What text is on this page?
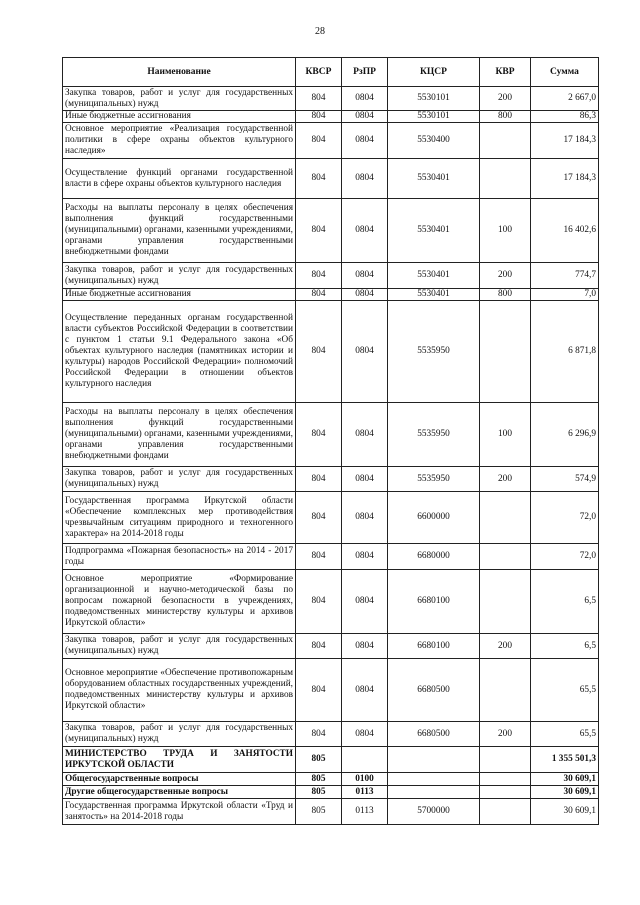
28
Наименование	КВСР	РзПР	КЦСР	КВР	Сумма
Закупка товаров, работ и услуг для государственных (муниципальных) нужд	804	0804	5530101	200	2 667,0
Иные бюджетные ассигнования	804	0804	5530101	800	86,3
Основное мероприятие «Реализация государственной политики в сфере охраны объектов культурного наследия»	804	0804	5530400		17 184,3
Осуществление функций органами государственной власти в сфере охраны объектов культурного наследия	804	0804	5530401		17 184,3
Расходы на выплаты персоналу в целях обеспечения выполнения функций государственными (муниципальными) органами, казенными учреждениями, органами управления государственными внебюджетными фондами	804	0804	5530401	100	16 402,6
Закупка товаров, работ и услуг для государственных (муниципальных) нужд	804	0804	5530401	200	774,7
Иные бюджетные ассигнования	804	0804	5530401	800	7,0
Осуществление переданных органам государственной власти субъектов Российской Федерации в соответствии с пунктом 1 статьи 9.1 Федерального закона «Об объектах культурного наследия (памятниках истории и культуры) народов Российской Федерации» полномочий Российской Федерации в отношении объектов культурного наследия	804	0804	5535950		6 871,8
Расходы на выплаты персоналу в целях обеспечения выполнения функций государственными (муниципальными) органами, казенными учреждениями, органами управления государственными внебюджетными фондами	804	0804	5535950	100	6 296,9
Закупка товаров, работ и услуг для государственных (муниципальных) нужд	804	0804	5535950	200	574,9
Государственная программа Иркутской области «Обеспечение комплексных мер противодействия чрезвычайным ситуациям природного и техногенного характера» на 2014-2018 годы	804	0804	6600000		72,0
Подпрограмма «Пожарная безопасность» на 2014 - 2017 годы	804	0804	6680000		72,0
Основное мероприятие «Формирование организационной и научно-методической базы по вопросам пожарной безопасности в учреждениях, подведомственных министерству культуры и архивов Иркутской области»	804	0804	6680100		6,5
Закупка товаров, работ и услуг для государственных (муниципальных) нужд	804	0804	6680100	200	6,5
Основное мероприятие «Обеспечение противопожарным оборудованием областных государственных учреждений, подведомственных министерству культуры и архивов Иркутской области»	804	0804	6680500		65,5
Закупка товаров, работ и услуг для государственных (муниципальных) нужд	804	0804	6680500	200	65,5
МИНИСТЕРСТВО ТРУДА И ЗАНЯТОСТИ ИРКУТСКОЙ ОБЛАСТИ	805				1 355 501,3
Общегосударственные вопросы	805	0100			30 609,1
Другие общегосударственные вопросы	805	0113			30 609,1
Государственная программа Иркутской области «Труд и занятость» на 2014-2018 годы	805	0113	5700000		30 609,1
